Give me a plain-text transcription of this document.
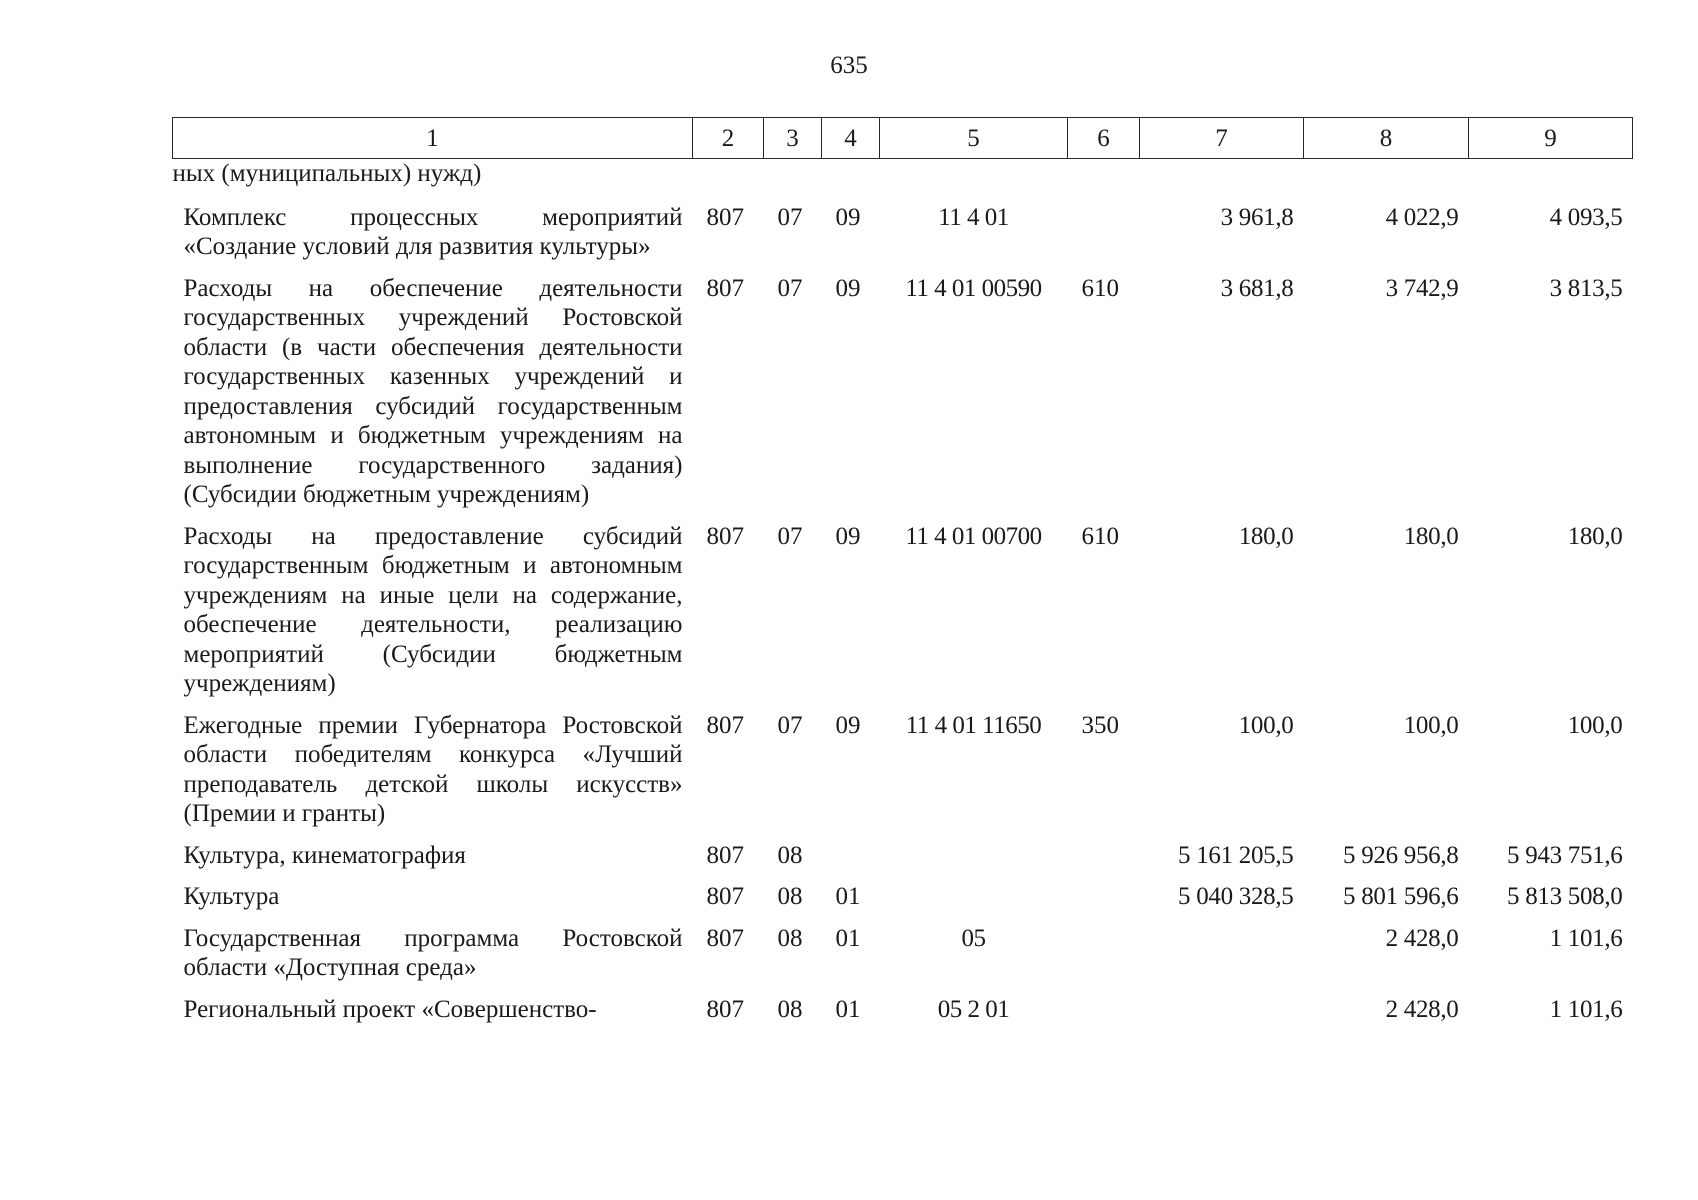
635
1	2	3	4	5	6	7	8	9
ных (муниципальных) нужд)								
Комплекс процессных мероприятий «Создание условий для развития культуры»	807	07	09	11 4 01		3 961,8	4 022,9	4 093,5
Расходы на обеспечение деятельности государственных учреждений Ростовской области (в части обеспечения деятельности государственных казенных учреждений и предоставления субсидий государственным автономным и бюджетным учреждениям на выполнение государственного задания) (Субсидии бюджетным учреждениям)	807	07	09	11 4 01 00590	610	3 681,8	3 742,9	3 813,5
Расходы на предоставление субсидий государственным бюджетным и автономным учреждениям на иные цели на содержание, обеспечение деятельности, реализацию мероприятий (Субсидии бюджетным учреждениям)	807	07	09	11 4 01 00700	610	180,0	180,0	180,0
Ежегодные премии Губернатора Ростовской области победителям конкурса «Лучший преподаватель детской школы искусств» (Премии и гранты)	807	07	09	11 4 01 11650	350	100,0	100,0	100,0
Культура, кинематография	807	08				5 161 205,5	5 926 956,8	5 943 751,6
Культура	807	08	01			5 040 328,5	5 801 596,6	5 813 508,0
Государственная программа Ростовской области «Доступная среда»	807	08	01	05			2 428,0	1 101,6
Региональный проект «Совершенство-	807	08	01	05 2 01			2 428,0	1 101,6
